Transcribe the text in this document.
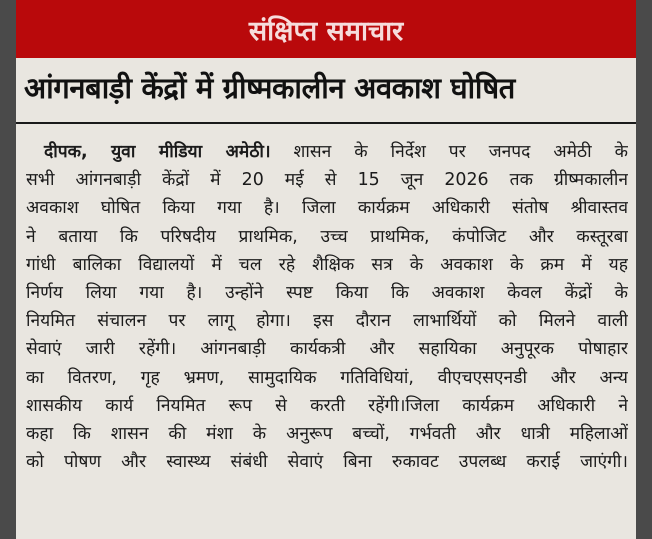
संक्षिप्त समाचार
आंगनबाड़ी केंद्रों में ग्रीष्मकालीन अवकाश घोषित
दीपक, युवा मीडिया अमेठी। शासन के निर्देश पर जनपद अमेठी के
सभी आंगनबाड़ी केंद्रों में 20 मई से 15 जून 2026 तक ग्रीष्मकालीन
अवकाश घोषित किया गया है। जिला कार्यक्रम अधिकारी संतोष श्रीवास्तव
ने बताया कि परिषदीय प्राथमिक, उच्च प्राथमिक, कंपोजिट और कस्तूरबा
गांधी बालिका विद्यालयों में चल रहे शैक्षिक सत्र के अवकाश के क्रम में यह
निर्णय लिया गया है। उन्होंने स्पष्ट किया कि अवकाश केवल केंद्रों के
नियमित संचालन पर लागू होगा। इस दौरान लाभार्थियों को मिलने वाली
सेवाएं जारी रहेंगी। आंगनबाड़ी कार्यकत्री और सहायिका अनुपूरक पोषाहार
का वितरण, गृह भ्रमण, सामुदायिक गतिविधियां, वीएचएसएनडी और अन्य
शासकीय कार्य नियमित रूप से करती रहेंगी।जिला कार्यक्रम अधिकारी ने
कहा कि शासन की मंशा के अनुरूप बच्चों, गर्भवती और धात्री महिलाओं
को पोषण और स्वास्थ्य संबंधी सेवाएं बिना रुकावट उपलब्ध कराई जाएंगी।
